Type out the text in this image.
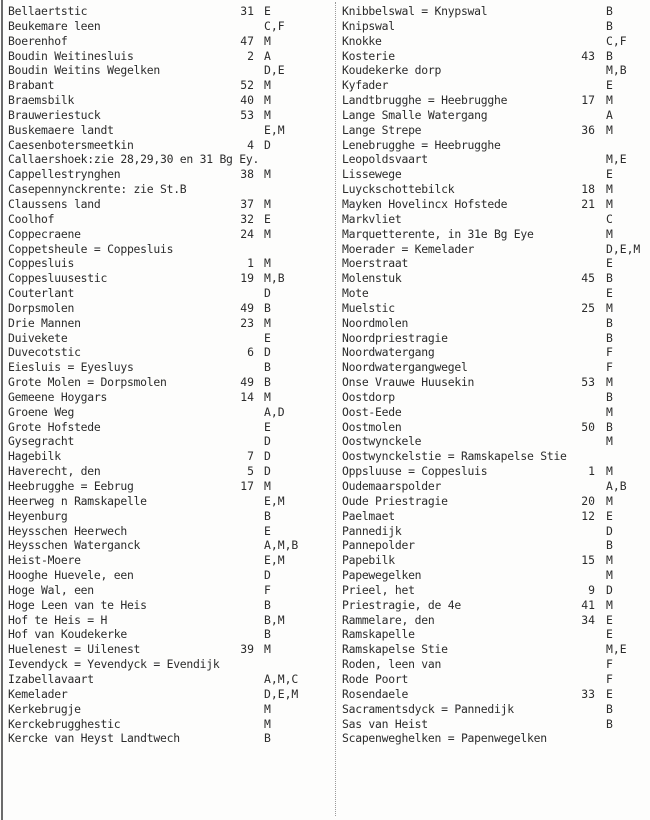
Bellaertstic	31 E
Beukemare leen	C,F
Boerenhof	47 M
Boudin Weitinesluis	2 A
Boudin Weitins Wegelken	D,E
Brabant	52 M
Braemsbilk	40 M
Brauweriestuck	53 M
Buskemaere landt	E,M
Caesenbotersmeetkin	4 D
Callaershoek:zie 28,29,30 en 31 Bg Ey.
Cappellestrynghen	38 M
Casepennynckrente: zie St.B
Claussens land	37 M
Coolhof	32 E
Coppecraene	24 M
Coppetsheule = Coppesluis
Coppesluis	1 M
Coppesluusestic	19 M,B
Couterlant	D
Dorpsmolen	49 B
Drie Mannen	23 M
Duivekete	E
Duvecotstic	6 D
Eiesluis = Eyesluys	B
Grote Molen = Dorpsmolen	49 B
Gemeene Hoygars	14 M
Groene Weg	A,D
Grote Hofstede	E
Gysegracht	D
Hagebilk	7 D
Haverecht, den	5 D
Heebrugghe = Eebrug	17 M
Heerweg n Ramskapelle	E,M
Heyenburg	B
Heysschen Heerwech	E
Heysschen Waterganck	A,M,B
Heist-Moere	E,M
Hooghe Huevele, een	D
Hoge Wal, een	F
Hoge Leen van te Heis	B
Hof te Heis = H	B,M
Hof van Koudekerke	B
Huelenest = Uilenest	39 M
Ievendyck = Yevendyck = Evendijk
Izabellavaart	A,M,C
Kemelader	D,E,M
Kerkebrugje	M
Kerckebrugghestic	M
Kercke van Heyst Landtwech	B
Knibbelswal = Knypswal	B
Knipswal	B
Knokke	C,F
Kosterie	43 B
Koudekerke dorp	M,B
Kyfader	E
Landtbrugghe = Heebrugghe	17 M
Lange Smalle Watergang	A
Lange Strepe	36 M
Lenebrugghe = Heebrugghe
Leopoldsvaart	M,E
Lissewege	E
Luyckschottebilck	18 M
Mayken Hovelincx Hofstede	21 M
Markvliet	C
Marquetterente, in 31e Bg Eye	M
Moerader = Kemelader	D,E,M
Moerstraat	E
Molenstuk	45 B
Mote	E
Muelstic	25 M
Noordmolen	B
Noordpriestragie	B
Noordwatergang	F
Noordwatergangwegel	F
Onse Vrauwe Huusekin	53 M
Oostdorp	B
Oost-Eede	M
Oostmolen	50 B
Oostwynckele	M
Oostwynckelstie = Ramskapelse Stie
Oppsluuse = Coppesluis	1 M
Oudemaarspolder	A,B
Oude Priestragie	20 M
Paelmaet	12 E
Pannedijk	D
Pannepolder	B
Papebilk	15 M
Papewegelken	M
Prieel, het	9 D
Priestragie, de 4e	41 M
Rammelare, den	34 E
Ramskapelle	E
Ramskapelse Stie	M,E
Roden, leen van	F
Rode Poort	F
Rosendaele	33 E
Sacramentsdyck = Pannedijk	B
Sas van Heist	B
Scapenweghelken = Papenwegelken
